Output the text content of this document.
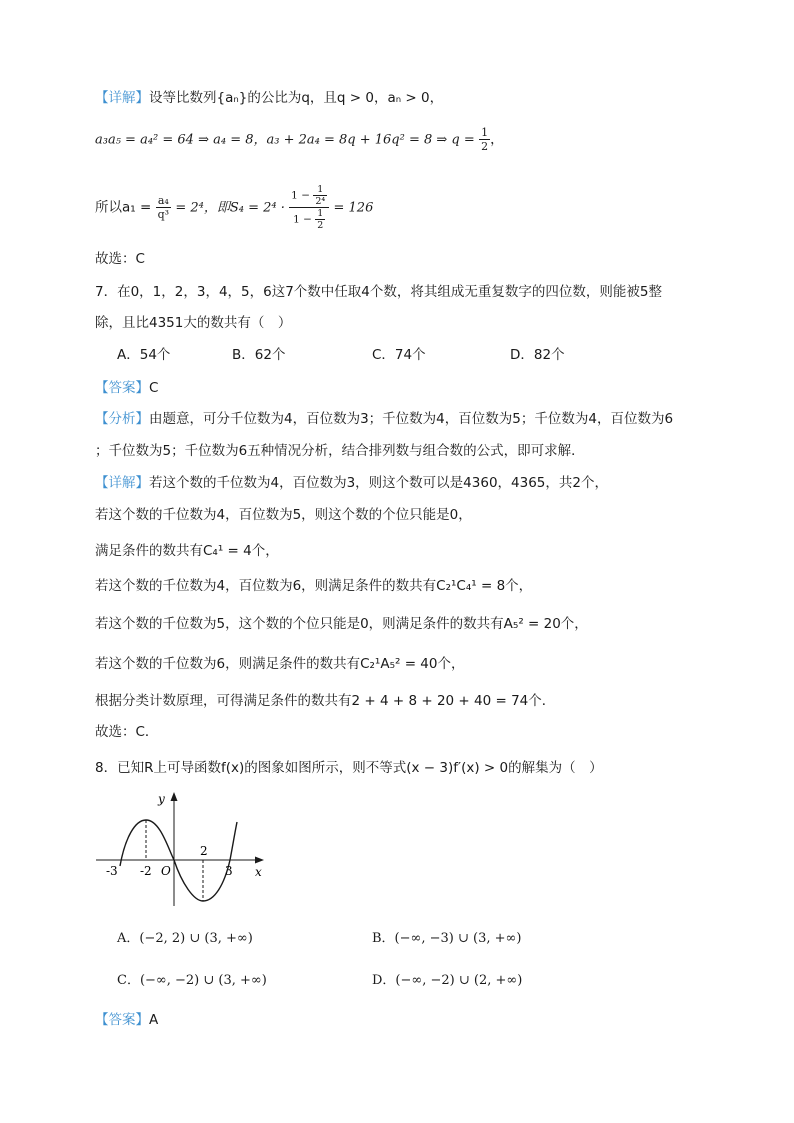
【详解】设等比数列{aₙ}的公比为q，且q > 0，aₙ > 0，
a₃a₅ = a₄² = 64 ⇒ a₄ = 8，a₃ + 2a₄ = 8q + 16q² = 8 ⇒ $q = \frac{1}{2}$ ，
所以$a_1 = \frac{\text{a₄}}{\text{q³}} = 2^4$，即$S_4 = 2^4 \cdot \frac{1 - \frac{1}{\text{2⁴}}}{1 - \frac{1}{2}} = 126$
故选：C
7．在0，1，2，3，4，5，6这7个数中任取4个数，将其组成无重复数字的四位数，则能被5整
除，且比4351大的数共有（　）
A．54个	B．62个	C．74个	D．82个
【答案】C
【分析】由题意，可分千位数为4，百位数为3；千位数为4，百位数为5；千位数为4，百位数为6
；千位数为5；千位数为6五种情况分析，结合排列数与组合数的公式，即可求解．
【详解】若这个数的千位数为4，百位数为3，则这个数可以是4360，4365，共2个，
若这个数的千位数为4，百位数为5，则这个数的个位只能是0，
满足条件的数共有C₄¹ = 4个，
若这个数的千位数为4，百位数为6，则满足条件的数共有C₂¹C₄¹ = 8个，
若这个数的千位数为5，这个数的个位只能是0，则满足条件的数共有A₅² = 20个，
若这个数的千位数为6，则满足条件的数共有C₂¹A₅² = 40个，
根据分类计数原理，可得满足条件的数共有2 + 4 + 8 + 20 + 40 = 74个．
故选：C．
8．已知R上可导函数f(x)的图象如图所示，则不等式(x − 3)f′(x) > 0的解集为（　）
y
x
O
-3 -2
2
3
A．(−2, 2) ∪ (3, +∞)	B．(−∞, −3) ∪ (3, +∞)
C．(−∞, −2) ∪ (3, +∞)	D．(−∞, −2) ∪ (2, +∞)
【答案】A
